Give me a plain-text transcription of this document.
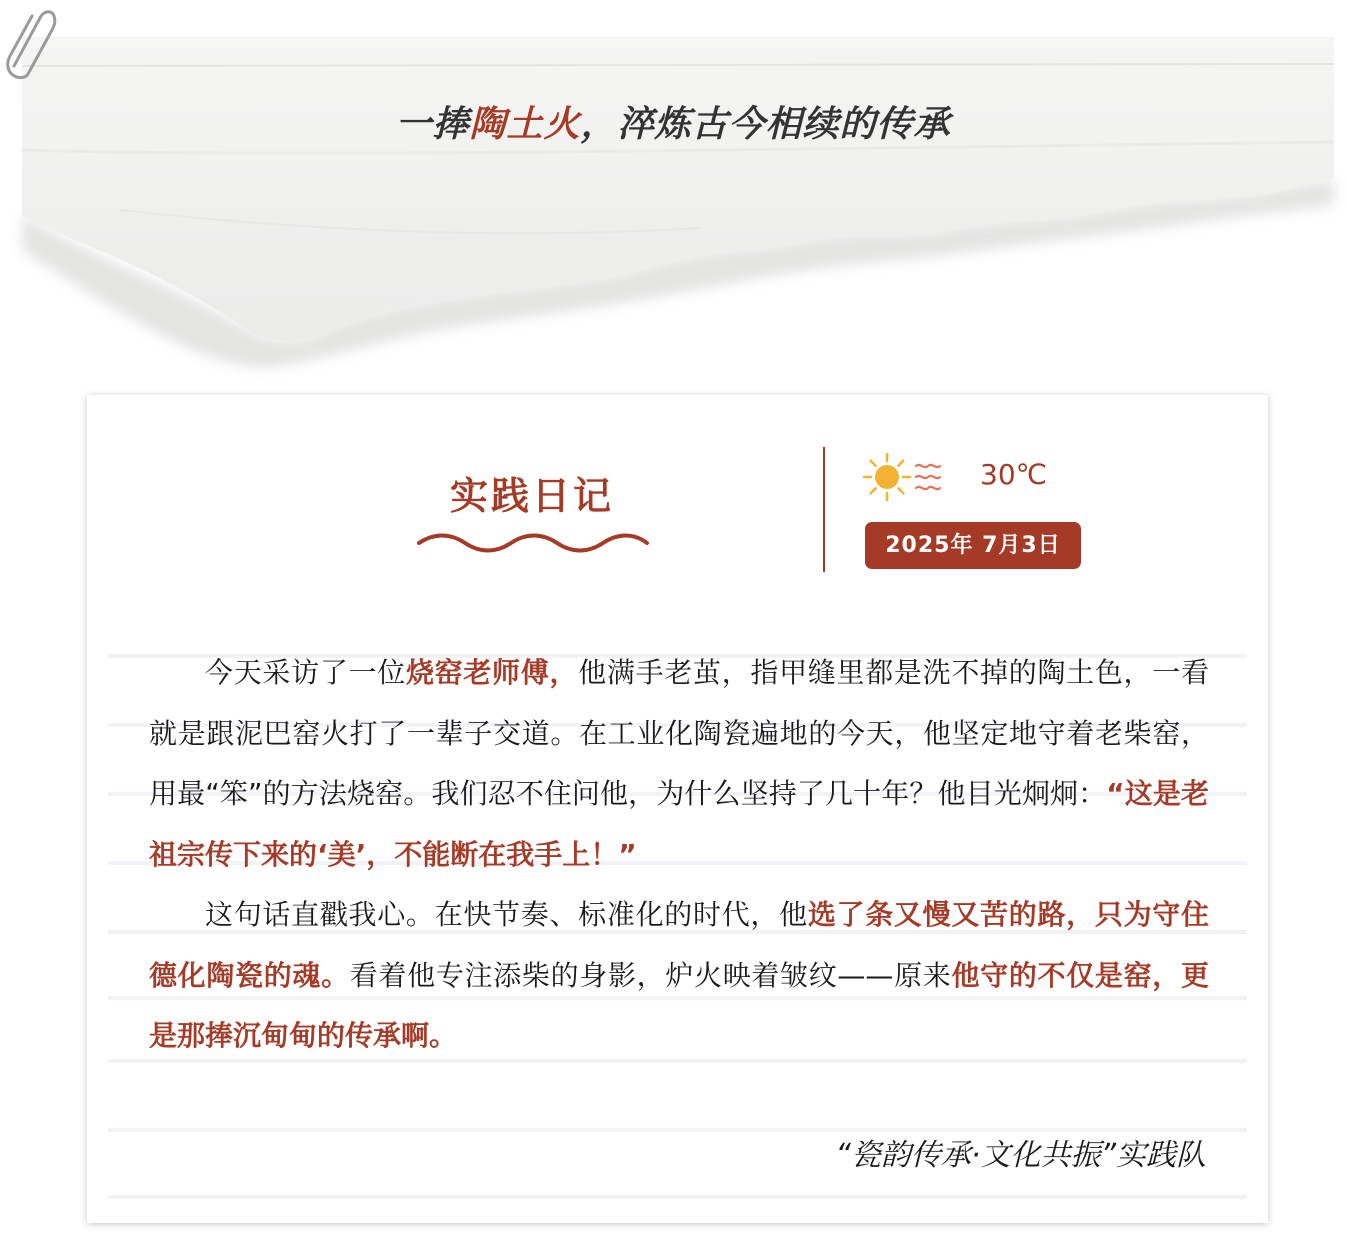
一捧陶土火，淬炼古今相续的传承
实践日记	30℃
2025年 7月3日

今天采访了一位烧窑老师傅，他满手老茧，指甲缝里都是洗不掉的陶土色，一看就是跟泥巴窑火打了一辈子交道。在工业化陶瓷遍地的今天，他坚定地守着老柴窑，用最“笨”的方法烧窑。我们忍不住问他，为什么坚持了几十年？他目光炯炯：“这是老祖宗传下来的‘美’，不能断在我手上！”

这句话直戳我心。在快节奏、标准化的时代，他选了条又慢又苦的路，只为守住德化陶瓷的魂。看着他专注添柴的身影，炉火映着皱纹——原来他守的不仅是窑，更是那捧沉甸甸的传承啊。

“瓷韵传承·文化共振”实践队
